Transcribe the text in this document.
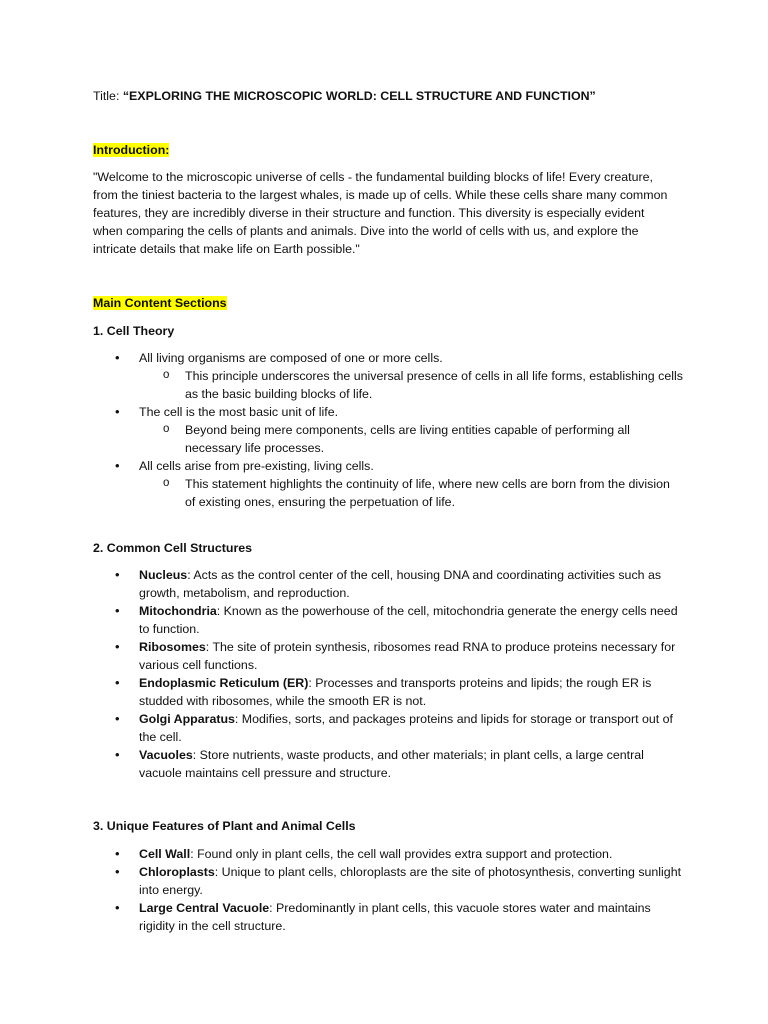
Title: “EXPLORING THE MICROSCOPIC WORLD: CELL STRUCTURE AND FUNCTION”
Introduction:
"Welcome to the microscopic universe of cells - the fundamental building blocks of life! Every creature, from the tiniest bacteria to the largest whales, is made up of cells. While these cells share many common features, they are incredibly diverse in their structure and function. This diversity is especially evident when comparing the cells of plants and animals. Dive into the world of cells with us, and explore the intricate details that make life on Earth possible."
Main Content Sections
1. Cell Theory
• All living organisms are composed of one or more cells.
o This principle underscores the universal presence of cells in all life forms, establishing cells as the basic building blocks of life.
• The cell is the most basic unit of life.
o Beyond being mere components, cells are living entities capable of performing all necessary life processes.
• All cells arise from pre-existing, living cells.
o This statement highlights the continuity of life, where new cells are born from the division of existing ones, ensuring the perpetuation of life.
2. Common Cell Structures
• Nucleus: Acts as the control center of the cell, housing DNA and coordinating activities such as growth, metabolism, and reproduction.
• Mitochondria: Known as the powerhouse of the cell, mitochondria generate the energy cells need to function.
• Ribosomes: The site of protein synthesis, ribosomes read RNA to produce proteins necessary for various cell functions.
• Endoplasmic Reticulum (ER): Processes and transports proteins and lipids; the rough ER is studded with ribosomes, while the smooth ER is not.
• Golgi Apparatus: Modifies, sorts, and packages proteins and lipids for storage or transport out of the cell.
• Vacuoles: Store nutrients, waste products, and other materials; in plant cells, a large central vacuole maintains cell pressure and structure.
3. Unique Features of Plant and Animal Cells
• Cell Wall: Found only in plant cells, the cell wall provides extra support and protection.
• Chloroplasts: Unique to plant cells, chloroplasts are the site of photosynthesis, converting sunlight into energy.
• Large Central Vacuole: Predominantly in plant cells, this vacuole stores water and maintains rigidity in the cell structure.
